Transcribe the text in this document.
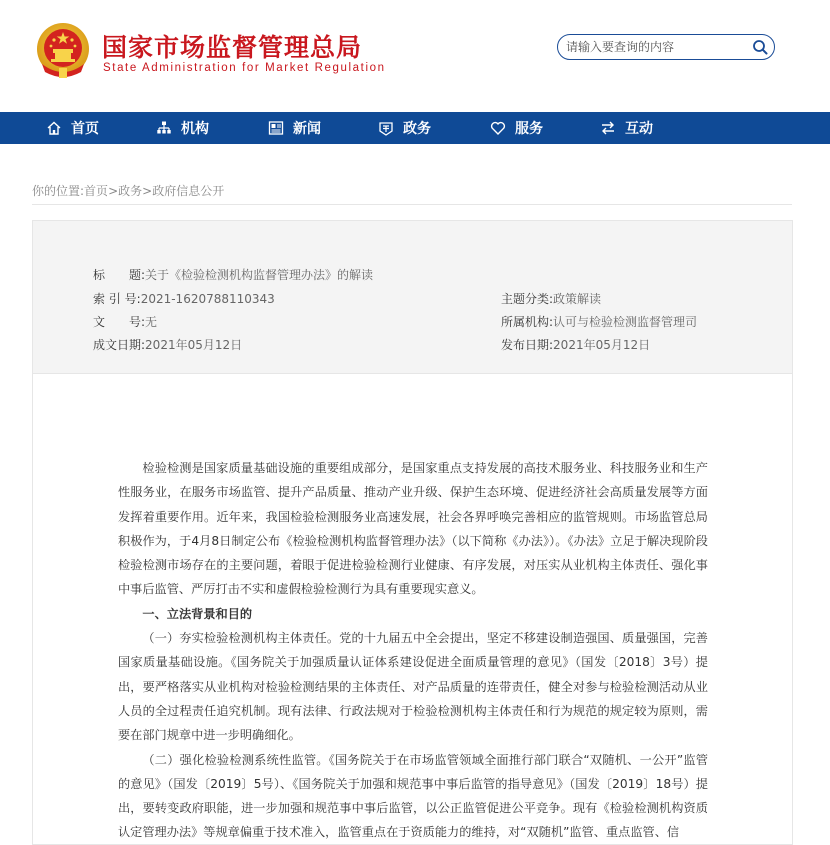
国家市场监督管理总局
State Administration for Market Regulation
请输入要查询的内容
首页	机构	新闻	政务	服务	互动
你的位置:首页>政务>政府信息公开
标　　题:关于《检验检测机构监督管理办法》的解读
索 引 号:2021-1620788110343	主题分类:政策解读
文　　号:无	所属机构:认可与检验检测监督管理司
成文日期:2021年05月12日	发布日期:2021年05月12日

检验检测是国家质量基础设施的重要组成部分，是国家重点支持发展的高技术服务业、科技服务业和生产性服务业，在服务市场监管、提升产品质量、推动产业升级、保护生态环境、促进经济社会高质量发展等方面发挥着重要作用。近年来，我国检验检测服务业高速发展，社会各界呼唤完善相应的监管规则。市场监管总局积极作为，于4月8日制定公布《检验检测机构监督管理办法》（以下简称《办法》）。《办法》立足于解决现阶段检验检测市场存在的主要问题，着眼于促进检验检测行业健康、有序发展，对压实从业机构主体责任、强化事中事后监管、严厉打击不实和虚假检验检测行为具有重要现实意义。

一、立法背景和目的

（一）夯实检验检测机构主体责任。党的十九届五中全会提出，坚定不移建设制造强国、质量强国，完善国家质量基础设施。《国务院关于加强质量认证体系建设促进全面质量管理的意见》（国发〔2018〕3号）提出，要严格落实从业机构对检验检测结果的主体责任、对产品质量的连带责任，健全对参与检验检测活动从业人员的全过程责任追究机制。现有法律、行政法规对于检验检测机构主体责任和行为规范的规定较为原则，需要在部门规章中进一步明确细化。

（二）强化检验检测系统性监管。《国务院关于在市场监管领域全面推行部门联合“双随机、一公开”监管的意见》（国发〔2019〕5号）、《国务院关于加强和规范事中事后监管的指导意见》（国发〔2019〕18号）提出，要转变政府职能，进一步加强和规范事中事后监管，以公正监管促进公平竞争。现有《检验检测机构资质认定管理办法》等规章偏重于技术准入，监管重点在于资质能力的维持，对“双随机”监管、重点监管、信
